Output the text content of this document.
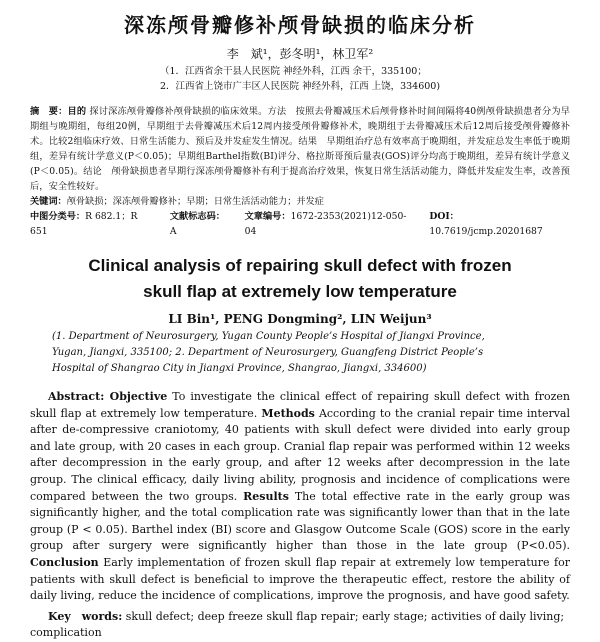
深冻颅骨瓣修补颅骨缺损的临床分析
李　斌¹，彭冬明¹，林卫军²
（1．江西省余干县人民医院 神经外科，江西 余干，335100；
2．江西省上饶市广丰区人民医院 神经外科，江西 上饶，334600)
摘　要：目的 探讨深冻颅骨瓣修补颅骨缺损的临床效果。方法　按照去骨瓣减压术后颅骨修补时间间隔将40例颅骨缺损患者分为早期组与晚期组，每组20例，早期组于去骨瓣减压术后12周内接受颅骨瓣修补术，晚期组于去骨瓣减压术后12周后接受颅骨瓣修补术。比较2组临床疗效、日常生活能力、预后及并发症发生情况。结果　早期组治疗总有效率高于晚期组，并发症总发生率低于晚期组，差异有统计学意义(P＜0.05)；早期组Barthel指数(BI)评分、格拉斯哥预后量表(GOS)评分均高于晚期组，差异有统计学意义(P＜0.05)。结论　颅骨缺损患者早期行深冻颅骨瓣修补有利于提高治疗效果，恢复日常生活活动能力，降低并发症发生率，改善预后，安全性较好。
关键词：颅骨缺损；深冻颅骨瓣修补；早期；日常生活活动能力；并发症
中图分类号：R 682.1；R 651
文献标志码：A
文章编号：1672-2353(2021)12-050-04
DOI：10.7619/jcmp.20201687
Clinical analysis of repairing skull defect with frozen
skull flap at extremely low temperature
LI Bin¹, PENG Dongming², LIN Weijun³
(1. Department of Neurosurgery, Yugan County People’s Hospital of Jiangxi Province,
Yugan, Jiangxi, 335100; 2. Department of Neurosurgery, Guangfeng District People’s
Hospital of Shangrao City in Jiangxi Province, Shangrao, Jiangxi, 334600)
Abstract: Objective To investigate the clinical effect of repairing skull defect with frozen skull flap at extremely low temperature. Methods According to the cranial repair time interval after de-compressive craniotomy, 40 patients with skull defect were divided into early group and late group, with 20 cases in each group. Cranial flap repair was performed within 12 weeks after decompression in the early group, and after 12 weeks after decompression in the late group. The clinical efficacy, daily living ability, prognosis and incidence of complications were compared between the two groups. Results The total effective rate in the early group was significantly higher, and the total complication rate was significantly lower than that in the late group (P < 0.05). Barthel index (BI) score and Glasgow Outcome Scale (GOS) score in the early group after surgery were significantly higher than those in the late group (P<0.05). Conclusion Early implementation of frozen skull flap repair at extremely low temperature for patients with skull defect is beneficial to improve the therapeutic effect, restore the ability of daily living, reduce the incidence of complications, improve the prognosis, and have good safety.
Key　words: skull defect; deep freeze skull flap repair; early stage; activities of daily living; complication
